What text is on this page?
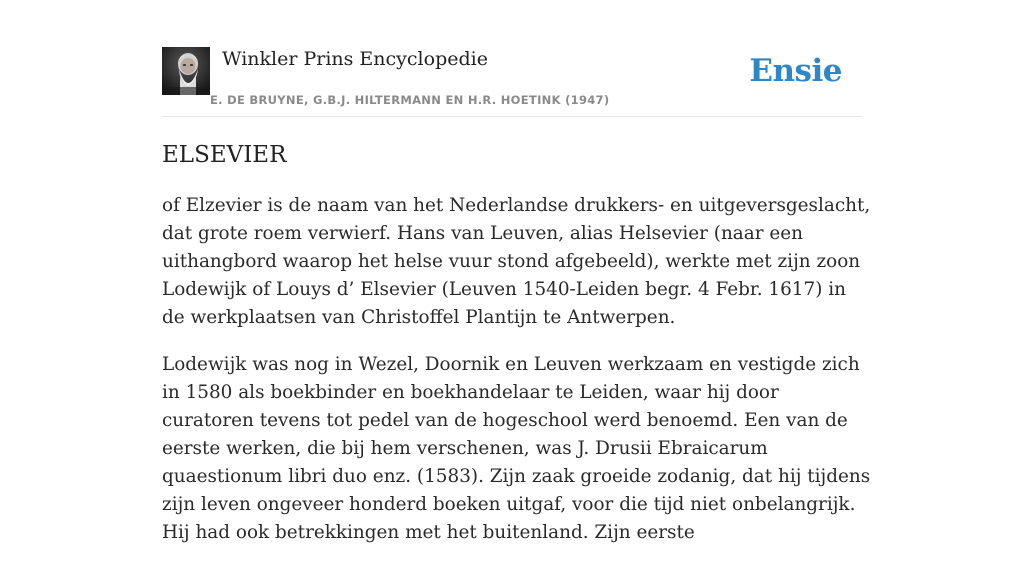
Winkler Prins Encyclopedie
E. DE BRUYNE, G.B.J. HILTERMANN EN H.R. HOETINK (1947)
Ensie
ELSEVIER

of Elzevier is de naam van het Nederlandse drukkers- en uitgeversgeslacht, dat grote roem verwierf. Hans van Leuven, alias Helsevier (naar een uithangbord waarop het helse vuur stond afgebeeld), werkte met zijn zoon Lodewijk of Louys d’ Elsevier (Leuven 1540-Leiden begr. 4 Febr. 1617) in de werkplaatsen van Christoffel Plantijn te Antwerpen.

Lodewijk was nog in Wezel, Doornik en Leuven werkzaam en vestigde zich in 1580 als boekbinder en boekhandelaar te Leiden, waar hij door curatoren tevens tot pedel van de hogeschool werd benoemd. Een van de eerste werken, die bij hem verschenen, was J. Drusii Ebraicarum quaestionum libri duo enz. (1583). Zijn zaak groeide zodanig, dat hij tijdens zijn leven ongeveer honderd boeken uitgaf, voor die tijd niet onbelangrijk. Hij had ook betrekkingen met het buitenland. Zijn eerste
